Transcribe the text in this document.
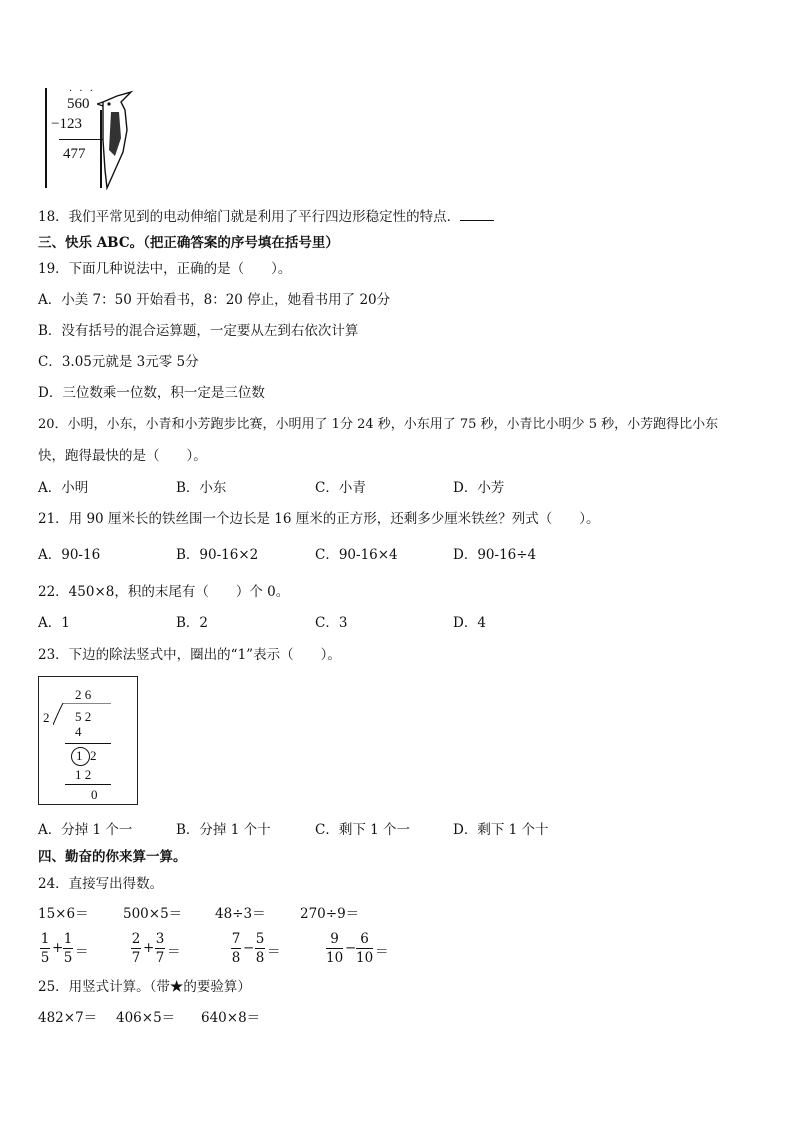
· · ·
560
−123
477
18．我们平常见到的电动伸缩门就是利用了平行四边形稳定性的特点．
三、快乐 ABC。（把正确答案的序号填在括号里）
19．下面几种说法中，正确的是（　　）。
A．小美 7：50 开始看书，8：20 停止，她看书用了 20分
B．没有括号的混合运算题，一定要从左到右依次计算
C．3.05元就是 3元零 5分
D．三位数乘一位数，积一定是三位数
20．小明，小东，小青和小芳跑步比赛，小明用了 1分 24 秒，小东用了 75 秒，小青比小明少 5 秒，小芳跑得比小东
快，跑得最快的是（　　）。
A．小明	B．小东	C．小青	D．小芳
21．用 90 厘米长的铁丝围一个边长是 16 厘米的正方形，还剩多少厘米铁丝？列式（　　）。
A．90-16	B．90-16×2	C．90-16×4	D．90-16÷4
22．450×8，积的末尾有（　　）个 0。
A．1	B．2	C．3	D．4
23．下边的除法竖式中，圈出的“1”表示（　　）。
2 6
2 5 2
4
1 2
1 2
0
A．分掉 1 个一	B．分掉 1 个十	C．剩下 1 个一	D．剩下 1 个十
四、勤奋的你来算一算。
24．直接写出得数。
15×6＝	500×5＝ 48÷3＝	270÷9＝
1
5
+
1
5 ＝
2
7
+
3
7 ＝
7
8
−
5
8 ＝
9
10
−
6
10 ＝
25．用竖式计算。（带★的要验算）
482×7＝ 406×5＝ 640×8＝
